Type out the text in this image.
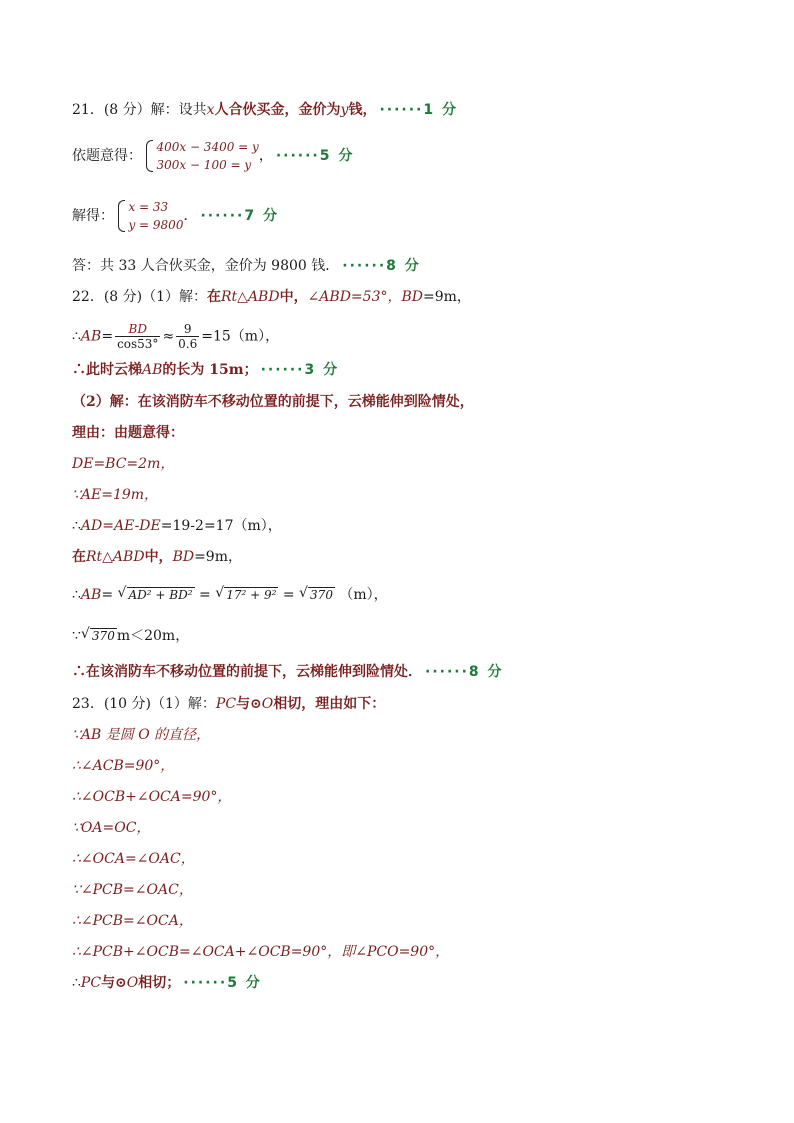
21．(8 分）解：设共x人合伙买金，金价为y钱， ······1 分
依题意得：
400x − 3400 = y
300x − 100 = y
， ······5 分
解得：
x = 33
y = 9800
． ······7 分
答：共 33 人合伙买金，金价为 9800 钱． ······8 分
22．(8 分)（1）解：在Rt△ABD中，∠ABD=53°，BD=9m，
∴AB= $\frac{BD}{\cos 53^\circ} \approx \frac{9}{0.6} =15(m)$，
∴此时云梯AB的长为 15m； ······3 分
（2）解：在该消防车不移动位置的前提下，云梯能伸到险情处，
理由：由题意得：
DE=BC=2m，
∵AE=19m，
∴AD=AE-DE=19-2=17（m），
在Rt△ABD中，BD=9m，
∴AB= √ AD² + BD² = √ 17² + 9² = √ 370 （m），
∵ √ 370 m＜20m，
∴在该消防车不移动位置的前提下，云梯能伸到险情处． ······8 分
23．(10 分)（1）解：PC与⊙O相切，理由如下：
∵AB 是圆 O 的直径，
∴∠ACB=90°，
∴∠OCB+∠OCA=90°，
∵OA=OC，
∴∠OCA=∠OAC，
∵∠PCB=∠OAC，
∴∠PCB=∠OCA，
∴∠PCB+∠OCB=∠OCA+∠OCB=90°，即∠PCO=90°，
∴PC与⊙O相切； ······5 分
